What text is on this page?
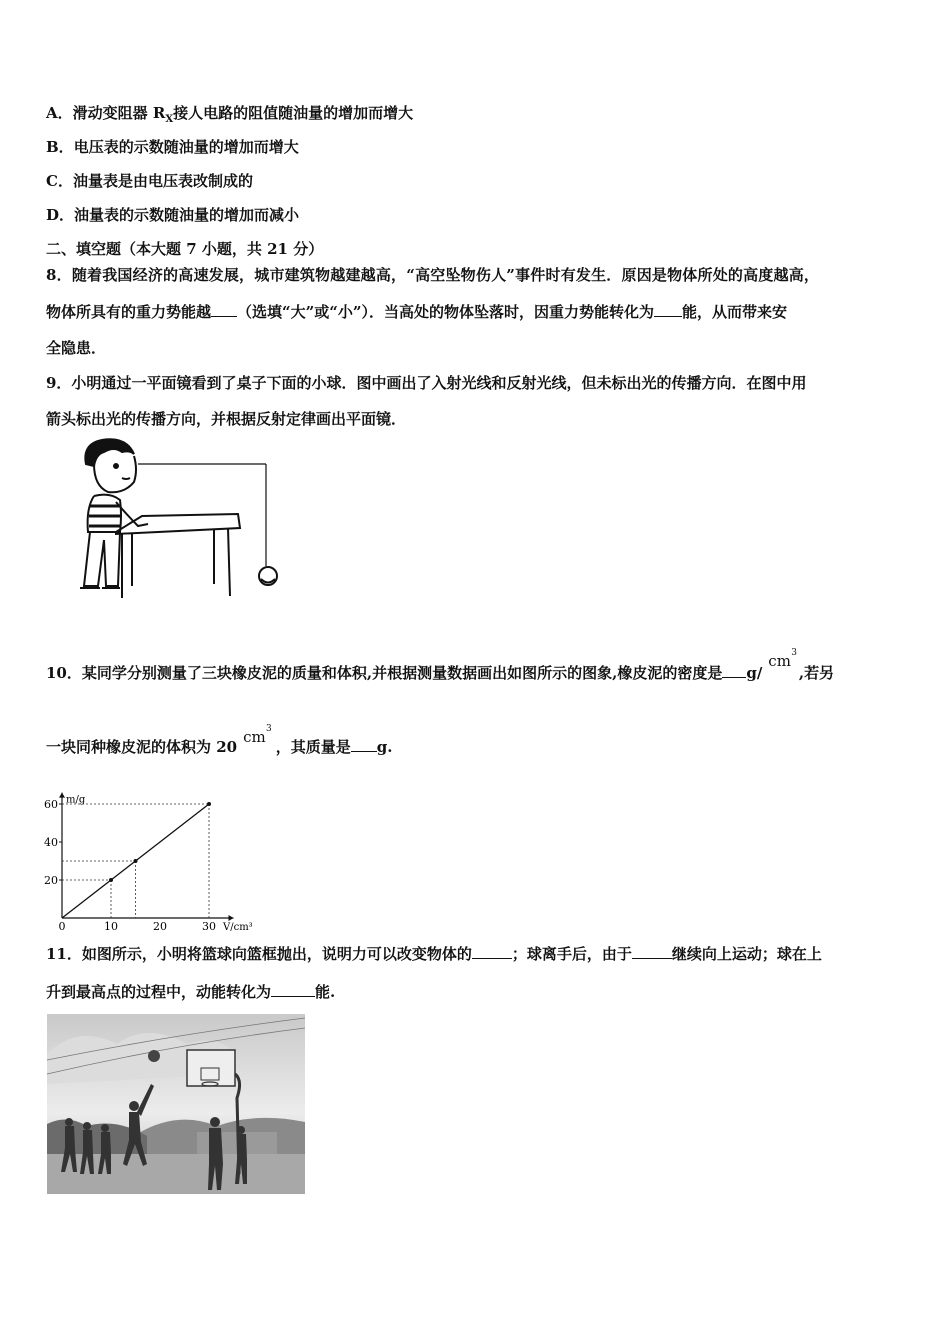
A．滑动变阻器 $R_X$接人电路的阻值随油量的增加而增大
B．电压表的示数随油量的增加而增大
C．油量表是由电压表改制成的
D．油量表的示数随油量的增加而减小
二、填空题（本大题 7 小题，共 21 分）
8．随着我国经济的高速发展，城市建筑物越建越高，“高空坠物伤人”事件时有发生．原因是物体所处的高度越高，
物体所具有的重力势能越 （选填“大”或“小”）．当高处的物体坠落时，因重力势能转化为 能，从而带来安
全隐患．
9．小明通过一平面镜看到了桌子下面的小球．图中画出了入射光线和反射光线，但未标出光的传播方向．在图中用
箭头标出光的传播方向，并根据反射定律画出平面镜．
10．某同学分别测量了三块橡皮泥的质量和体积,并根据测量数据画出如图所示的图象,橡皮泥的密度是 g/cm 3
,若另
一块同种橡皮泥的体积为 20cm 3
，其质量是 g.
20
40
60
0	10	20	30
m/g
V/cm³
11．如图所示，小明将篮球向篮框抛出，说明力可以改变物体的	；球离手后，由于	继续向上运动；球在上
升到最高点的过程中，动能转化为	能.
